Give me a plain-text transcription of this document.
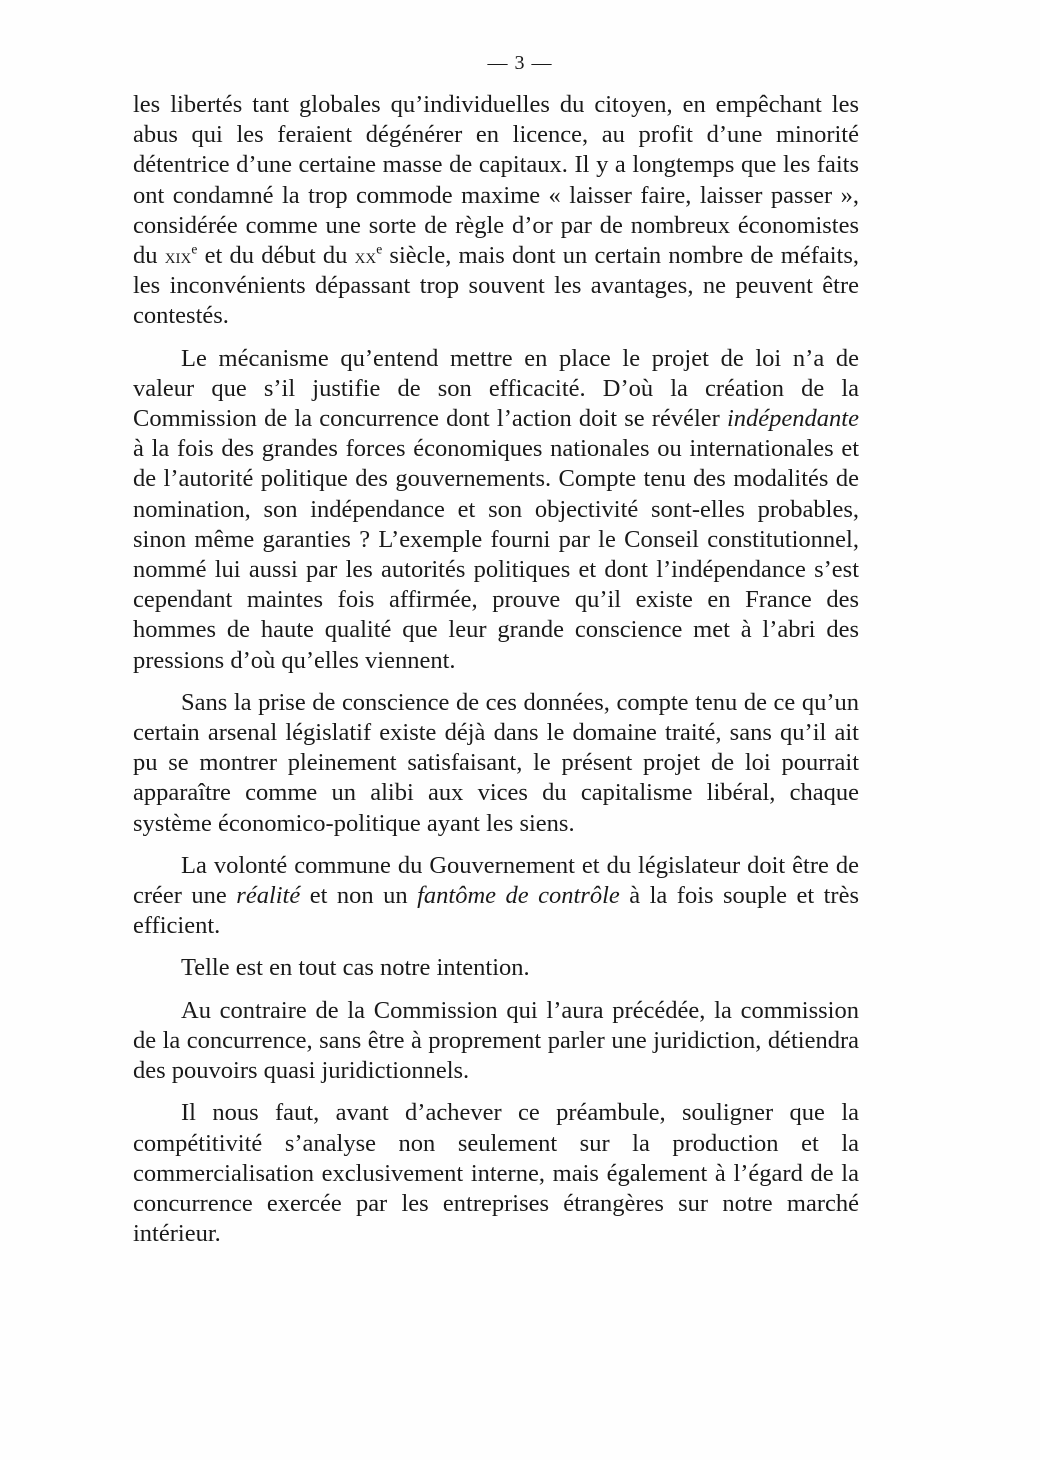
— 3 —

les libertés tant globales qu’individuelles du citoyen, en empêchant les abus qui les feraient dégénérer en licence, au profit d’une minorité détentrice d’une certaine masse de capitaux. Il y a longtemps que les faits ont condamné la trop commode maxime « laisser faire, laisser passer », considérée comme une sorte de règle d’or par de nombreux économistes du xix$^e$ et du début du $xx^e$ siècle, mais dont un certain nombre de méfaits, les inconvénients dépassant trop souvent les avantages, ne peuvent être contestés.

Le mécanisme qu’entend mettre en place le projet de loi n’a de valeur que s’il justifie de son efficacité. D’où la création de la Commission de la concurrence dont l’action doit se révéler indépendante à la fois des grandes forces économiques nationales ou internationales et de l’autorité politique des gouvernements. Compte tenu des modalités de nomination, son indépendance et son objectivité sont-elles probables, sinon même garanties ? L’exemple fourni par le Conseil constitutionnel, nommé lui aussi par les autorités politiques et dont l’indépendance s’est cependant maintes fois affirmée, prouve qu’il existe en France des hommes de haute qualité que leur grande conscience met à l’abri des pressions d’où qu’elles viennent.

Sans la prise de conscience de ces données, compte tenu de ce qu’un certain arsenal législatif existe déjà dans le domaine traité, sans qu’il ait pu se montrer pleinement satisfaisant, le présent projet de loi pourrait apparaître comme un alibi aux vices du capitalisme libéral, chaque système économico-politique ayant les siens.

La volonté commune du Gouvernement et du législateur doit être de créer une réalité et non un fantôme de contrôle à la fois souple et très efficient.

Telle est en tout cas notre intention.

Au contraire de la Commission qui l’aura précédée, la commission de la concurrence, sans être à proprement parler une juridiction, détiendra des pouvoirs quasi juridictionnels.

Il nous faut, avant d’achever ce préambule, souligner que la compétitivité s’analyse non seulement sur la production et la commercialisation exclusivement interne, mais également à l’égard de la concurrence exercée par les entreprises étrangères sur notre marché intérieur.
